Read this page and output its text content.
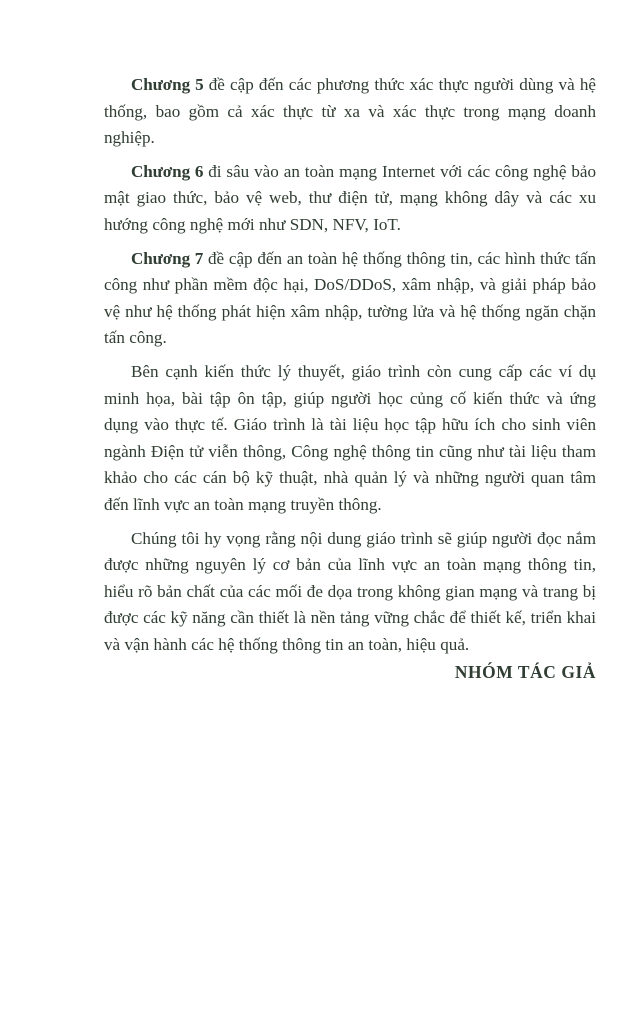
Chương 5 đề cập đến các phương thức xác thực người dùng và hệ thống, bao gồm cả xác thực từ xa và xác thực trong mạng doanh nghiệp.

Chương 6 đi sâu vào an toàn mạng Internet với các công nghệ bảo mật giao thức, bảo vệ web, thư điện tử, mạng không dây và các xu hướng công nghệ mới như SDN, NFV, IoT.

Chương 7 đề cập đến an toàn hệ thống thông tin, các hình thức tấn công như phần mềm độc hại, DoS/DDoS, xâm nhập, và giải pháp bảo vệ như hệ thống phát hiện xâm nhập, tường lửa và hệ thống ngăn chặn tấn công.

Bên cạnh kiến thức lý thuyết, giáo trình còn cung cấp các ví dụ minh họa, bài tập ôn tập, giúp người học củng cố kiến thức và ứng dụng vào thực tế. Giáo trình là tài liệu học tập hữu ích cho sinh viên ngành Điện tử viễn thông, Công nghệ thông tin cũng như tài liệu tham khảo cho các cán bộ kỹ thuật, nhà quản lý và những người quan tâm đến lĩnh vực an toàn mạng truyền thông.

Chúng tôi hy vọng rằng nội dung giáo trình sẽ giúp người đọc nắm được những nguyên lý cơ bản của lĩnh vực an toàn mạng thông tin, hiểu rõ bản chất của các mối đe dọa trong không gian mạng và trang bị được các kỹ năng cần thiết là nền tảng vững chắc để thiết kế, triển khai và vận hành các hệ thống thông tin an toàn, hiệu quả.

NHÓM TÁC GIẢ
